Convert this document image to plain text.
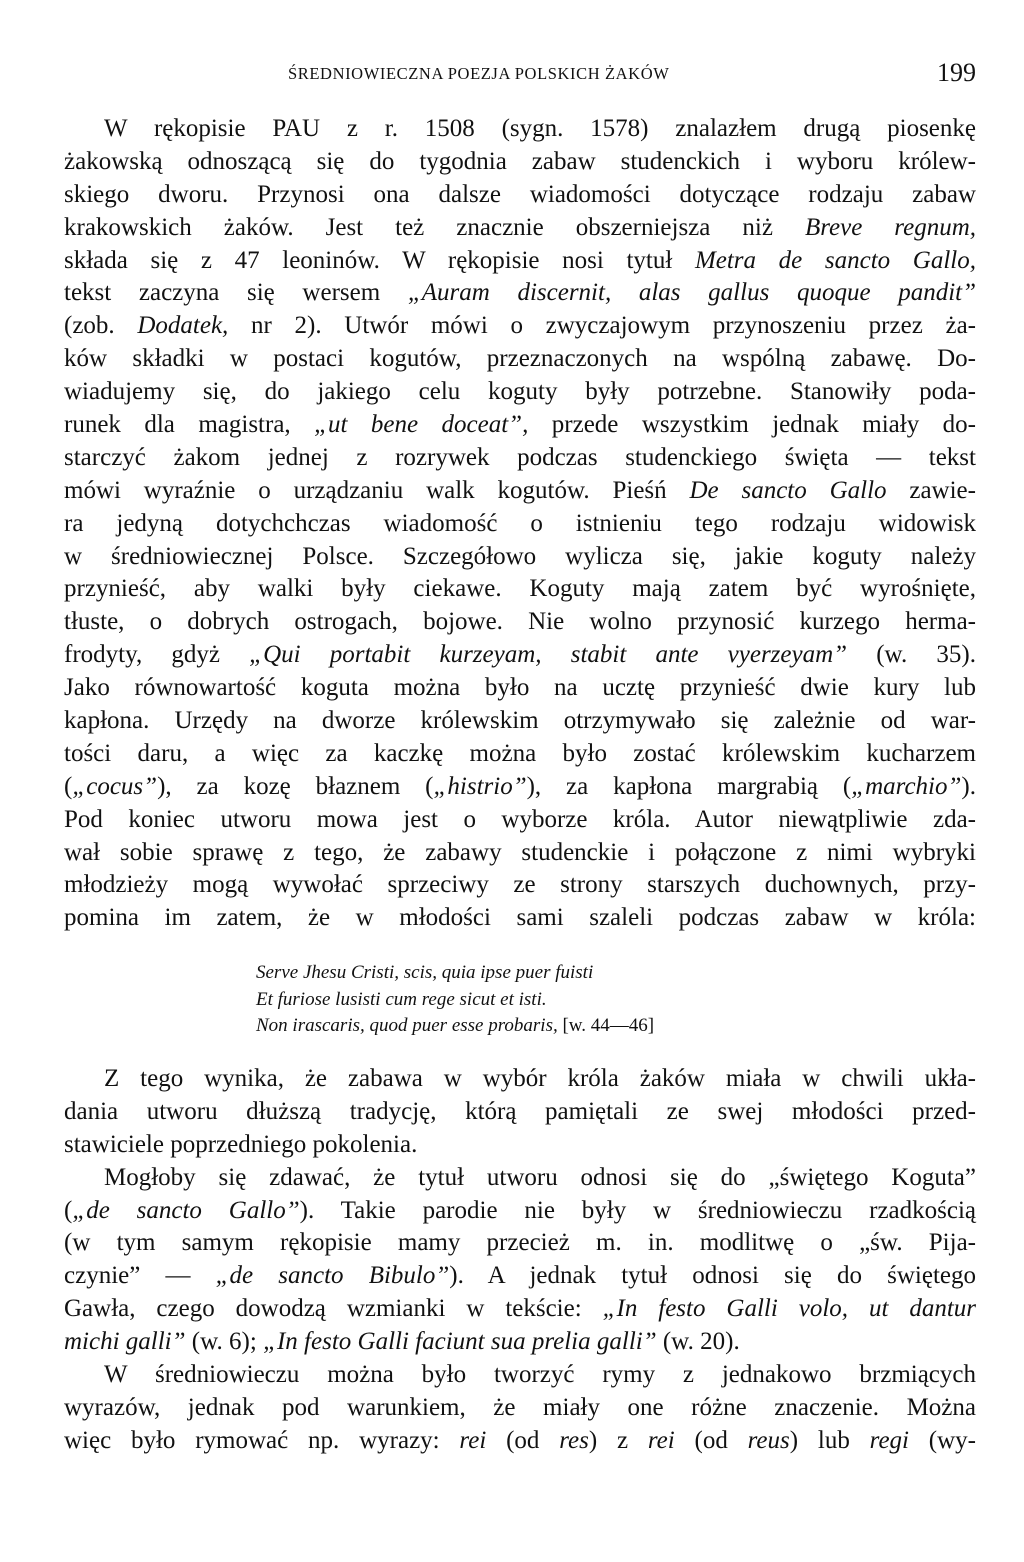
ŚREDNIOWIECZNA POEZJA POLSKICH ŻAKÓW	199
W rękopisie PAU z r. 1508 (sygn. 1578) znalazłem drugą piosenkę
żakowską odnoszącą się do tygodnia zabaw studenckich i wyboru królew-
skiego dworu. Przynosi ona dalsze wiadomości dotyczące rodzaju zabaw
krakowskich żaków. Jest też znacznie obszerniejsza niż Breve regnum,
składa się z 47 leoninów. W rękopisie nosi tytuł Metra de sancto Gallo,
tekst zaczyna się wersem „Auram discernit, alas gallus quoque pandit”
(zob. Dodatek, nr 2). Utwór mówi o zwyczajowym przynoszeniu przez ża-
ków składki w postaci kogutów, przeznaczonych na wspólną zabawę. Do-
wiadujemy się, do jakiego celu koguty były potrzebne. Stanowiły poda-
runek dla magistra, „ut bene doceat”, przede wszystkim jednak miały do-
starczyć żakom jednej z rozrywek podczas studenckiego święta — tekst
mówi wyraźnie o urządzaniu walk kogutów. Pieśń De sancto Gallo zawie-
ra jedyną dotychchczas wiadomość o istnieniu tego rodzaju widowisk
w średniowiecznej Polsce. Szczegółowo wylicza się, jakie koguty należy
przynieść, aby walki były ciekawe. Koguty mają zatem być wyrośnięte,
tłuste, o dobrych ostrogach, bojowe. Nie wolno przynosić kurzego herma-
frodyty, gdyż „Qui portabit kurzeyam, stabit ante vyerzeyam” (w. 35).
Jako równowartość koguta można było na ucztę przynieść dwie kury lub
kapłona. Urzędy na dworze królewskim otrzymywało się zależnie od war-
tości daru, a więc za kaczkę można było zostać królewskim kucharzem
(„cocus”), za kozę błaznem („histrio”), za kapłona margrabią („marchio”).
Pod koniec utworu mowa jest o wyborze króla. Autor niewątpliwie zda-
wał sobie sprawę z tego, że zabawy studenckie i połączone z nimi wybryki
młodzieży mogą wywołać sprzeciwy ze strony starszych duchownych, przy-
pomina im zatem, że w młodości sami szaleli podczas zabaw w króla:
Serve Jhesu Cristi, scis, quia ipse puer fuisti
Et furiose lusisti cum rege sicut et isti.
Non irascaris, quod puer esse probaris, [w. 44—46]
Z tego wynika, że zabawa w wybór króla żaków miała w chwili ukła-
dania utworu dłuższą tradycję, którą pamiętali ze swej młodości przed-
stawiciele poprzedniego pokolenia.
Mogłoby się zdawać, że tytuł utworu odnosi się do „świętego Koguta”
(„de sancto Gallo”). Takie parodie nie były w średniowieczu rzadkością
(w tym samym rękopisie mamy przecież m. in. modlitwę o „św. Pija-
czynie” — „de sancto Bibulo”). A jednak tytuł odnosi się do świętego
Gawła, czego dowodzą wzmianki w tekście: „In festo Galli volo, ut dantur
michi galli” (w. 6); „In festo Galli faciunt sua prelia galli” (w. 20).
W średniowieczu można było tworzyć rymy z jednakowo brzmiących
wyrazów, jednak pod warunkiem, że miały one różne znaczenie. Można
więc było rymować np. wyrazy: rei (od res) z rei (od reus) lub regi (wy-
